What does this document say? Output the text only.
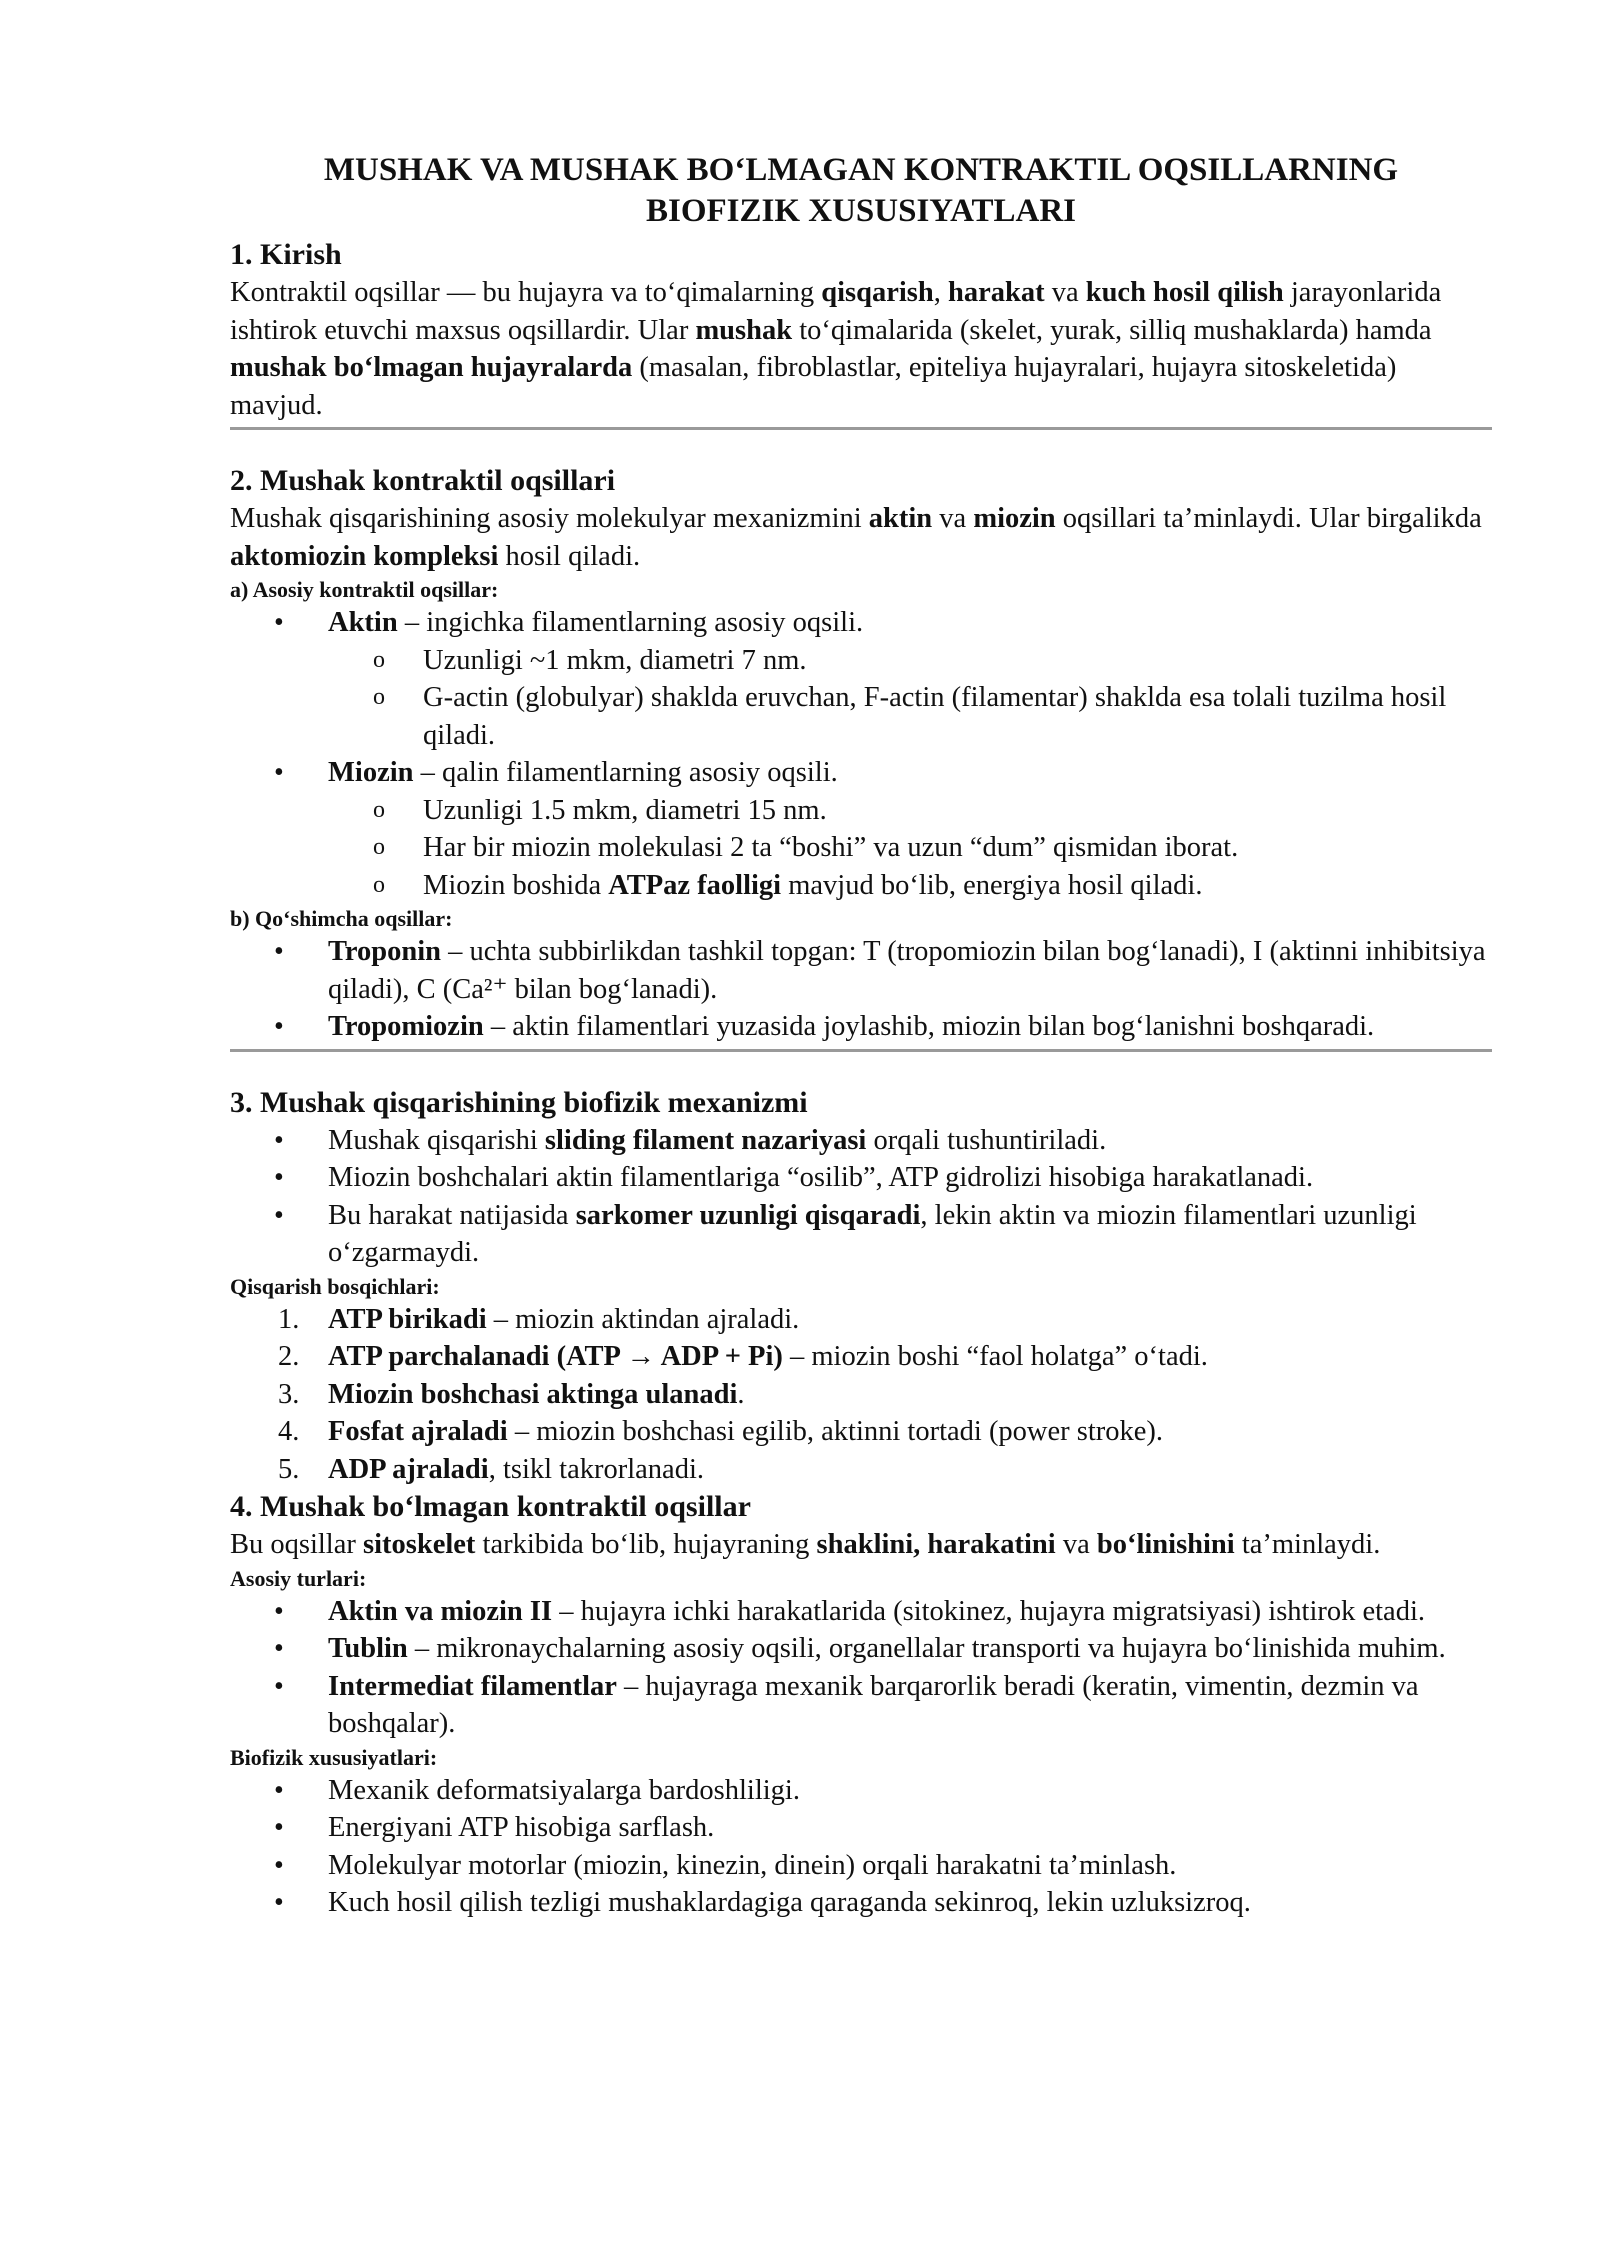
MUSHAK VA MUSHAK BO‘LMAGAN KONTRAKTIL OQSILLARNING
BIOFIZIK XUSUSIYATLARI
1. Kirish

Kontraktil oqsillar — bu hujayra va to‘qimalarning qisqarish, harakat va kuch hosil qilish jarayonlarida ishtirok etuvchi maxsus oqsillardir. Ular mushak to‘qimalarida (skelet, yurak, silliq mushaklarda) hamda mushak bo‘lmagan hujayralarda (masalan, fibroblastlar, epiteliya hujayralari, hujayra sitoskeletida) mavjud.

2. Mushak kontraktil oqsillari

Mushak qisqarishining asosiy molekulyar mexanizmini aktin va miozin oqsillari ta’minlaydi. Ular birgalikda aktomiozin kompleksi hosil qiladi.

a) Asosiy kontraktil oqsillar:
• Aktin – ingichka filamentlarning asosiy oqsili.
o Uzunligi ~1 mkm, diametri 7 nm.
o G-actin (globulyar) shaklda eruvchan, F-actin (filamentar) shaklda esa tolali tuzilma hosil qiladi.
• Miozin – qalin filamentlarning asosiy oqsili.
o Uzunligi 1.5 mkm, diametri 15 nm.
o Har bir miozin molekulasi 2 ta “boshi” va uzun “dum” qismidan iborat.
o Miozin boshida ATPaz faolligi mavjud bo‘lib, energiya hosil qiladi.
b) Qo‘shimcha oqsillar:
• Troponin – uchta subbirlikdan tashkil topgan: T (tropomiozin bilan bog‘lanadi), I (aktinni inhibitsiya qiladi), C (Ca²⁺ bilan bog‘lanadi).
• Tropomiozin – aktin filamentlari yuzasida joylashib, miozin bilan bog‘lanishni boshqaradi.
3. Mushak qisqarishining biofizik mexanizmi
• Mushak qisqarishi sliding filament nazariyasi orqali tushuntiriladi.
• Miozin boshchalari aktin filamentlariga “osilib”, ATP gidrolizi hisobiga harakatlanadi.
• Bu harakat natijasida sarkomer uzunligi qisqaradi, lekin aktin va miozin filamentlari uzunligi o‘zgarmaydi.
Qisqarish bosqichlari:
1. ATP birikadi – miozin aktindan ajraladi.
2. ATP parchalanadi (ATP → ADP + Pi) – miozin boshi “faol holatga” o‘tadi.
3. Miozin boshchasi aktinga ulanadi.
4. Fosfat ajraladi – miozin boshchasi egilib, aktinni tortadi (power stroke).
5. ADP ajraladi, tsikl takrorlanadi.
4. Mushak bo‘lmagan kontraktil oqsillar

Bu oqsillar sitoskelet tarkibida bo‘lib, hujayraning shaklini, harakatini va bo‘linishini ta’minlaydi.

Asosiy turlari:
• Aktin va miozin II – hujayra ichki harakatlarida (sitokinez, hujayra migratsiyasi) ishtirok etadi.
• Tublin – mikronaychalarning asosiy oqsili, organellalar transporti va hujayra bo‘linishida muhim.
• Intermediat filamentlar – hujayraga mexanik barqarorlik beradi (keratin, vimentin, dezmin va boshqalar).
Biofizik xususiyatlari:
• Mexanik deformatsiyalarga bardoshliligi.
• Energiyani ATP hisobiga sarflash.
• Molekulyar motorlar (miozin, kinezin, dinein) orqali harakatni ta’minlash.
• Kuch hosil qilish tezligi mushaklardagiga qaraganda sekinroq, lekin uzluksizroq.
